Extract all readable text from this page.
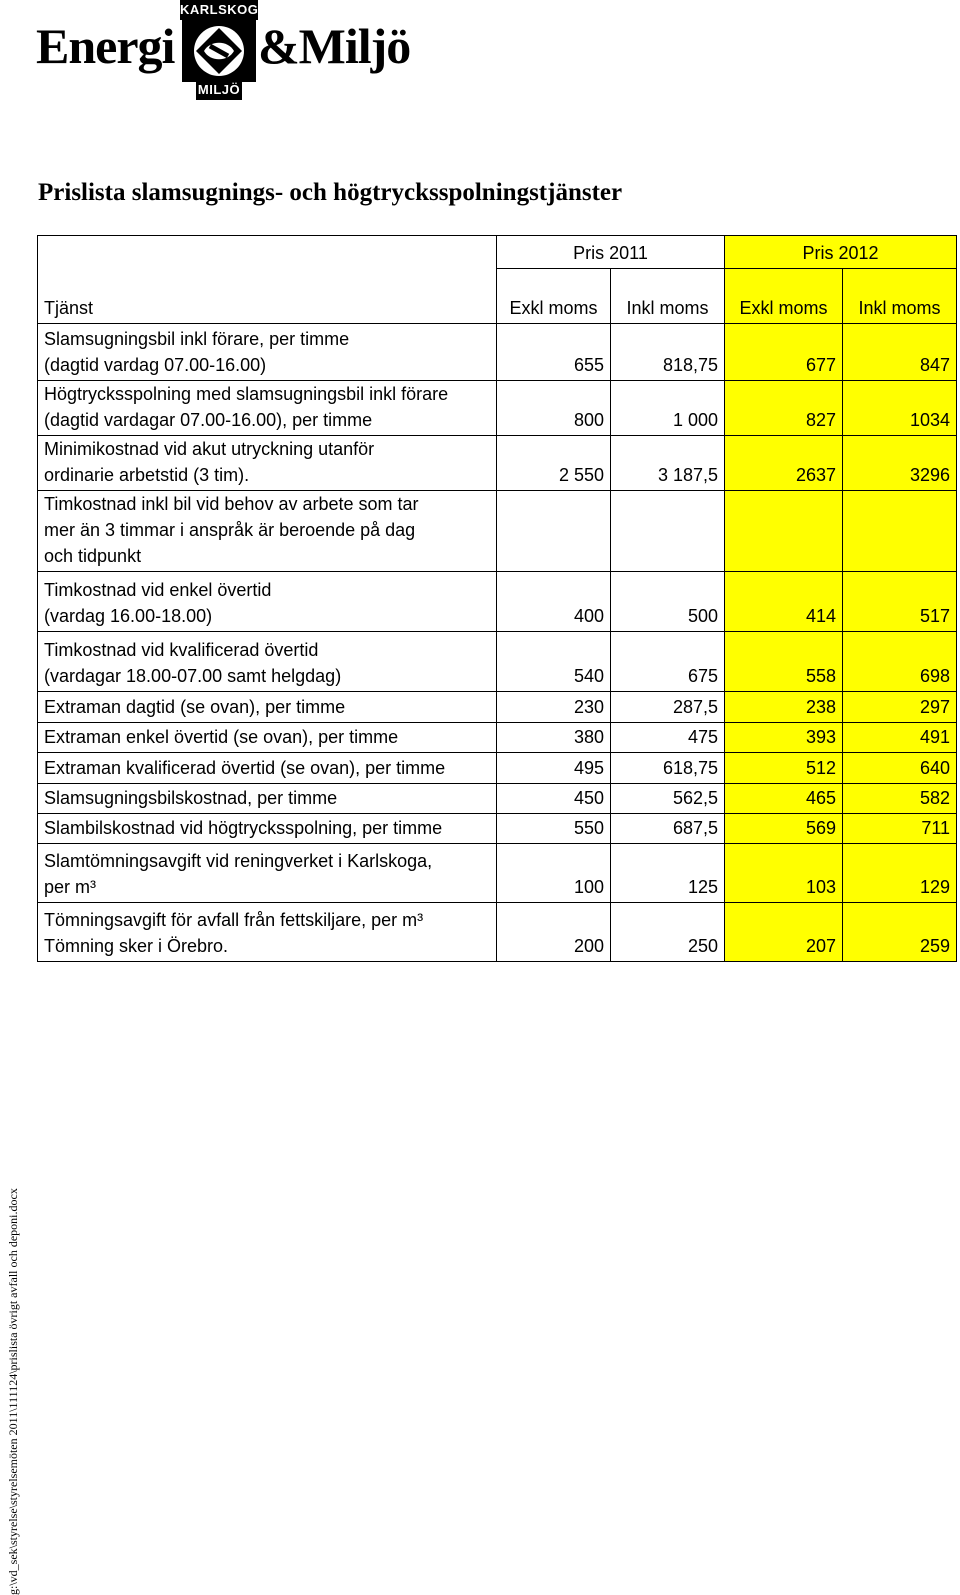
Energi
KARLSKOGA
MILJÖ
&Miljö
Prislista slamsugnings- och högtrycksspolningstjänster
Tjänst	Pris 2011		Pris 2012	
	Exkl moms	Inkl moms	Exkl moms	Inkl moms

Slamsugningsbil inkl förare, per timme
(dagtid vardag 07.00-16.00)	655	818,75	677	847

Högtrycksspolning med slamsugningsbil inkl förare
(dagtid vardagar 07.00-16.00), per timme	800	1 000	827	1034

Minimikostnad vid akut utryckning utanför
ordinarie arbetstid (3 tim).	2 550	3 187,5	2637	3296

Timkostnad inkl bil vid behov av arbete som tar
mer än 3 timmar i anspråk är beroende på dag
och tidpunkt				

Timkostnad vid enkel övertid
(vardag 16.00-18.00)	400	500	414	517

Timkostnad vid kvalificerad övertid
(vardagar 18.00-07.00 samt helgdag)	540	675	558	698

Extraman dagtid (se ovan), per timme	230	287,5	238	297

Extraman enkel övertid (se ovan), per timme	380	475	393	491

Extraman kvalificerad övertid (se ovan), per timme	495	618,75	512	640

Slamsugningsbilskostnad, per timme	450	562,5	465	582

Slambilskostnad vid högtrycksspolning, per timme	550	687,5	569	711

Slamtömningsavgift vid reningverket i Karlskoga,
per m³	100	125	103	129

Tömningsavgift för avfall från fettskiljare, per m³
Tömning sker i Örebro.	200	250	207	259
g:\vd_sek\styrelse\styrelsemöten 2011\111124\prislista övrigt avfall och deponi.docx
